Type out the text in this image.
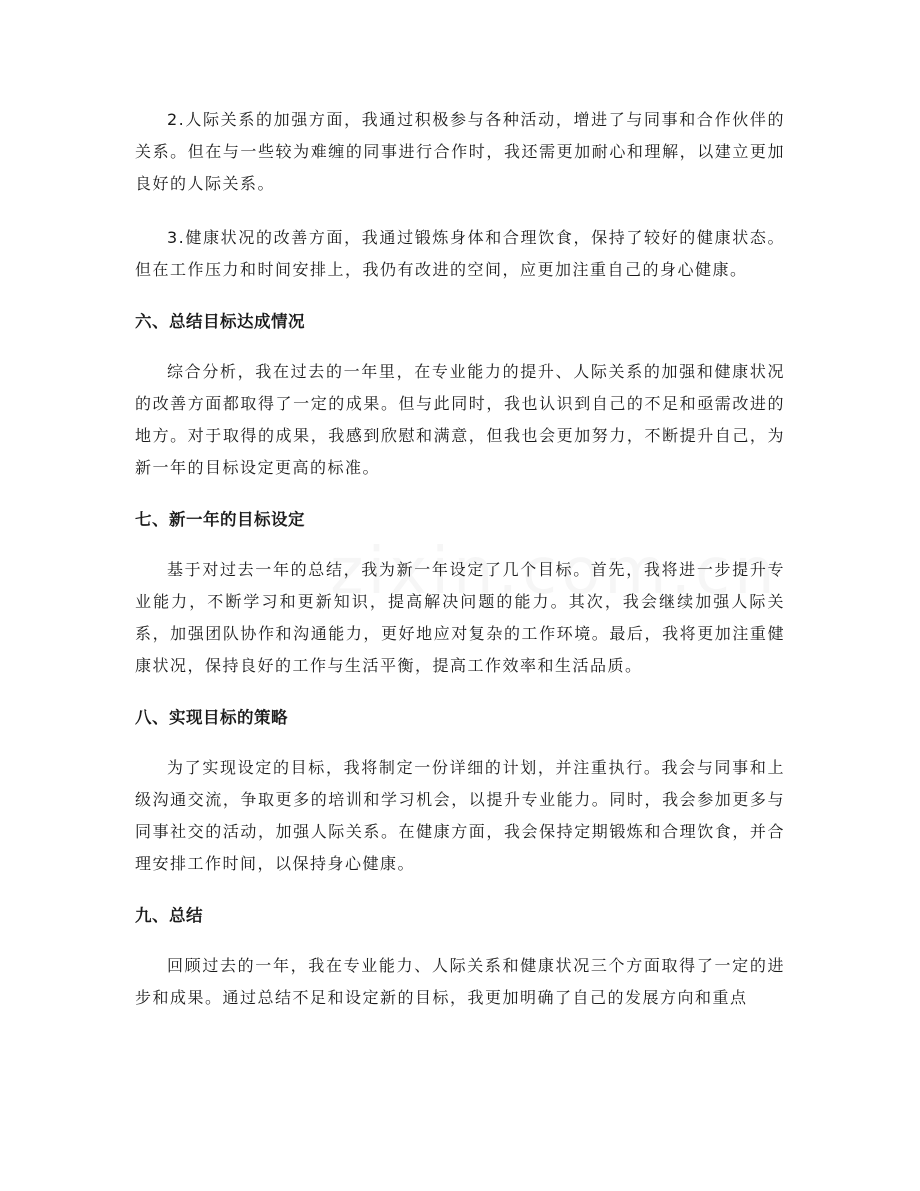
2.人际关系的加强方面，我通过积极参与各种活动，增进了与同事和合作伙伴的关系。但在与一些较为难缠的同事进行合作时，我还需更加耐心和理解，以建立更加良好的人际关系。

3.健康状况的改善方面，我通过锻炼身体和合理饮食，保持了较好的健康状态。但在工作压力和时间安排上，我仍有改进的空间，应更加注重自己的身心健康。

六、总结目标达成情况

综合分析，我在过去的一年里，在专业能力的提升、人际关系的加强和健康状况的改善方面都取得了一定的成果。但与此同时，我也认识到自己的不足和亟需改进的地方。对于取得的成果，我感到欣慰和满意，但我也会更加努力，不断提升自己，为新一年的目标设定更高的标准。

七、新一年的目标设定

基于对过去一年的总结，我为新一年设定了几个目标。首先，我将进一步提升专业能力，不断学习和更新知识，提高解决问题的能力。其次，我会继续加强人际关系，加强团队协作和沟通能力，更好地应对复杂的工作环境。最后，我将更加注重健康状况，保持良好的工作与生活平衡，提高工作效率和生活品质。

八、实现目标的策略

为了实现设定的目标，我将制定一份详细的计划，并注重执行。我会与同事和上级沟通交流，争取更多的培训和学习机会，以提升专业能力。同时，我会参加更多与同事社交的活动，加强人际关系。在健康方面，我会保持定期锻炼和合理饮食，并合理安排工作时间，以保持身心健康。

九、总结

回顾过去的一年，我在专业能力、人际关系和健康状况三个方面取得了一定的进步和成果。通过总结不足和设定新的目标，我更加明确了自己的发展方向和重点
